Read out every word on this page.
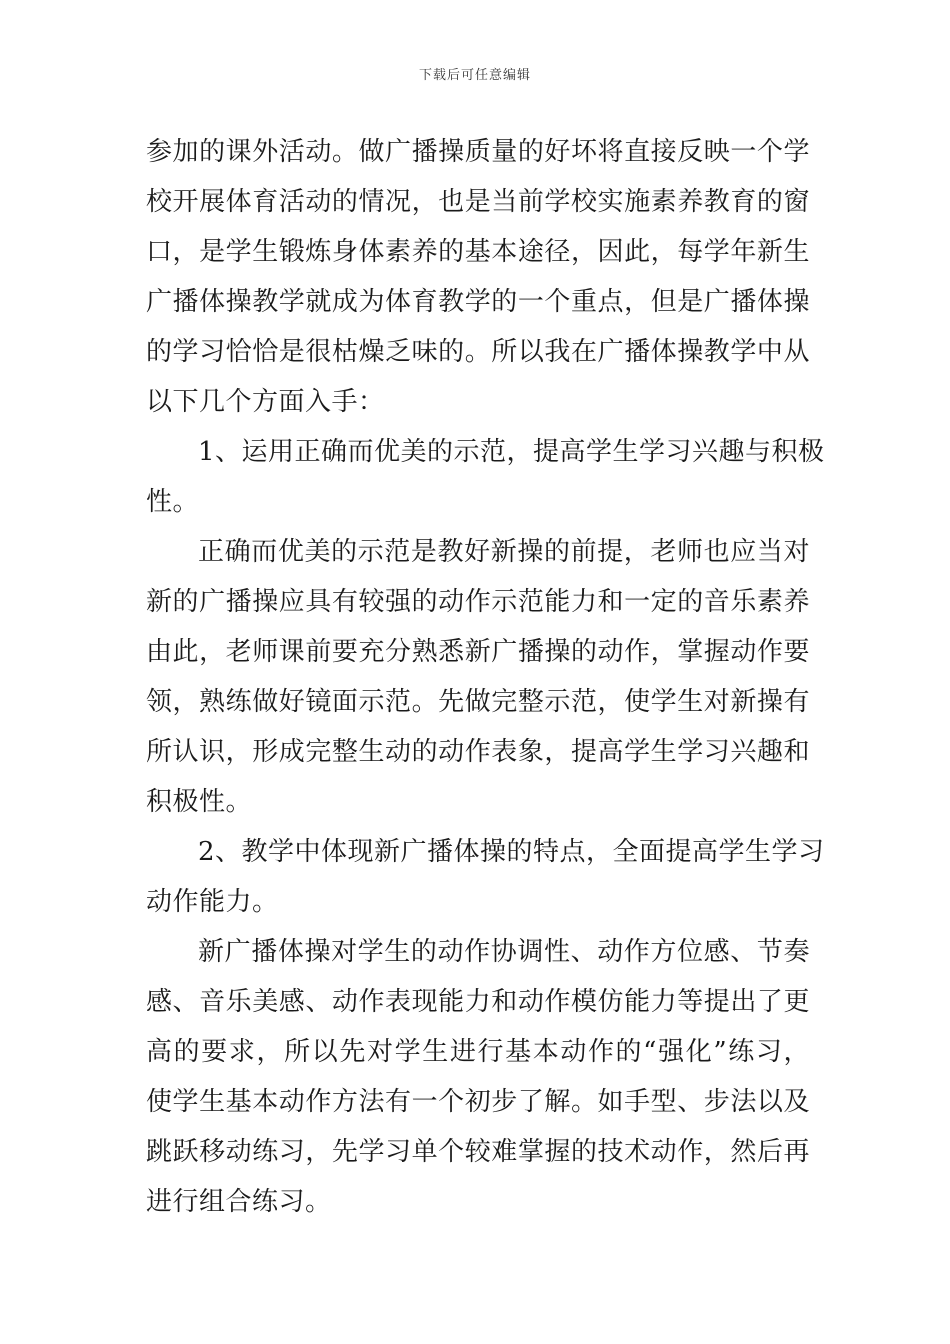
下载后可任意编辑
参加的课外活动。做广播操质量的好坏将直接反映一个学
校开展体育活动的情况，也是当前学校实施素养教育的窗
口，是学生锻炼身体素养的基本途径，因此，每学年新生
广播体操教学就成为体育教学的一个重点，但是广播体操
的学习恰恰是很枯燥乏味的。所以我在广播体操教学中从
以下几个方面入手：
1、运用正确而优美的示范，提高学生学习兴趣与积极
性。
正确而优美的示范是教好新操的前提，老师也应当对
新的广播操应具有较强的动作示范能力和一定的音乐素养
由此，老师课前要充分熟悉新广播操的动作，掌握动作要
领，熟练做好镜面示范。先做完整示范，使学生对新操有
所认识，形成完整生动的动作表象，提高学生学习兴趣和
积极性。
2、教学中体现新广播体操的特点，全面提高学生学习
动作能力。
新广播体操对学生的动作协调性、动作方位感、节奏
感、音乐美感、动作表现能力和动作模仿能力等提出了更
高的要求，所以先对学生进行基本动作的“强化”练习，
使学生基本动作方法有一个初步了解。如手型、步法以及
跳跃移动练习，先学习单个较难掌握的技术动作，然后再
进行组合练习。
